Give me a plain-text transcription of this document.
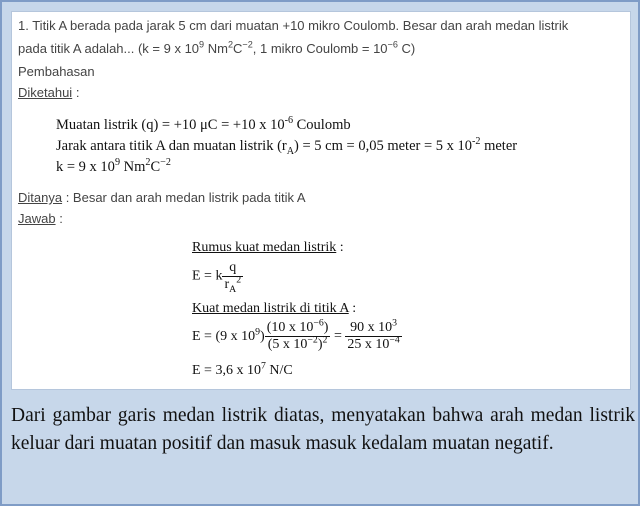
1. Titik A berada pada jarak 5 cm dari muatan +10 mikro Coulomb. Besar dan arah medan listrik
pada titik A adalah... (k = 9 x $10^9$ $Nm^2C^{-2}$, 1 mikro Coulomb = $10^{-6}$ C)
Pembahasan
Diketahui :
Muatan listrik (q) = +10 μC = +10 x $10^{-6}$ Coulomb
Jarak antara titik A dan muatan listrik $(r_A) = 5$ cm = 0,05 meter = 5 x $10^{-2}$ meter
k = 9 x $10^9$ $Nm^2C^{-2}$
Ditanya : Besar dan arah medan listrik pada titik A
Jawab :
Rumus kuat medan listrik :
E = k $\frac{q}{r_A^2}$
Kuat medan listrik di titik A :
E = (9 x $10^9) \frac{(10 x 10^{-6})}{(5 x 10^{-2})^2} = \frac{90 x 10^3}{25 x 10^{-4}}$
E = 3,6 x $10^7$ N/C
Dari gambar garis medan listrik diatas, menyatakan bahwa arah medan listrik keluar dari muatan positif dan masuk masuk kedalam muatan negatif.
